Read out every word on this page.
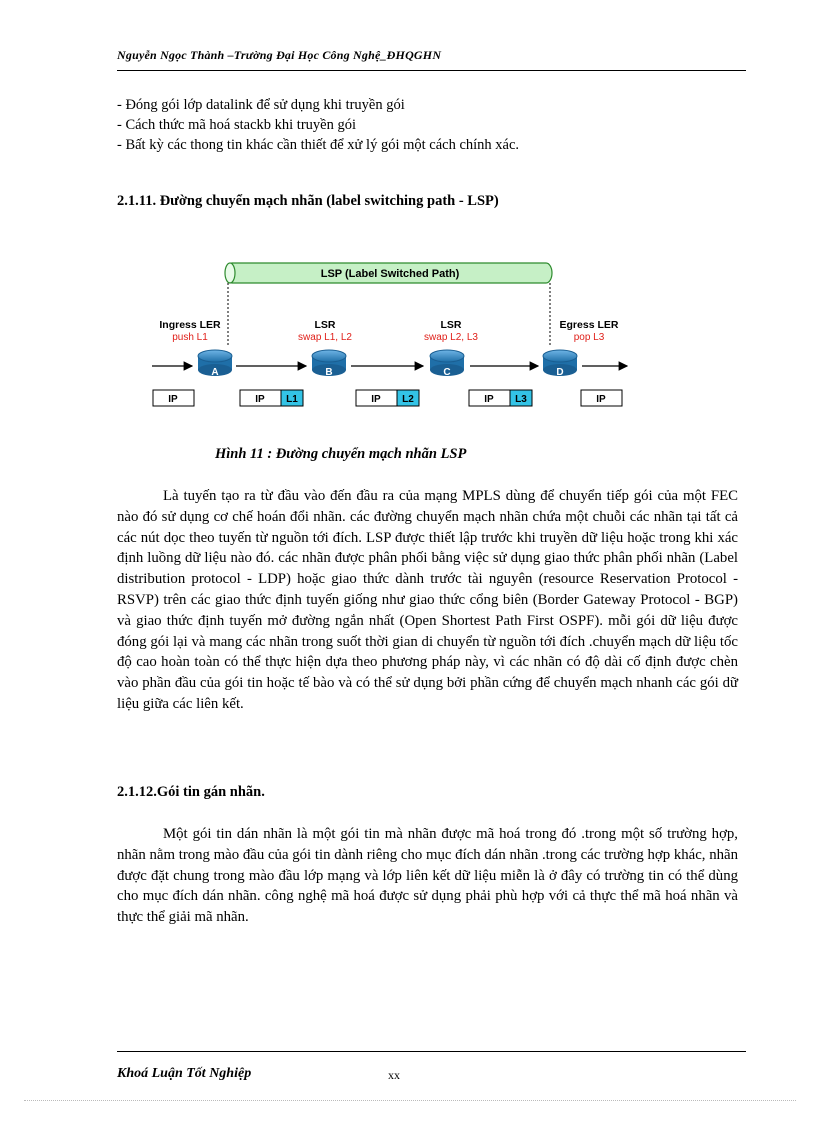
Nguyễn Ngọc Thành –Trường Đại Học Công Nghệ_ĐHQGHN
- Đóng gói lớp datalink để sử dụng khi truyền gói
- Cách thức mã hoá stackb khi truyền gói
- Bất kỳ các thong tin khác cần thiết để xử lý gói một cách chính xác.
2.1.11. Đường chuyển mạch nhãn (label switching path - LSP)
LSP (Label Switched Path)
Ingress LER
push L1
LSR
swap L1, L2
LSR
swap L2, L3
Egress LER
pop L3
A	B	C	D
IP	IP L1	IP L2	IP L3	IP

Hình 11 : Đường chuyển mạch nhãn LSP

Là tuyến tạo ra từ đầu vào đến đầu ra của mạng MPLS dùng để chuyển tiếp gói của một FEC nào đó sử dụng cơ chế hoán đổi nhãn. các đường chuyển mạch nhãn chứa một chuỗi các nhãn tại tất cả các nút dọc theo tuyến từ nguồn tới đích. LSP được thiết lập trước khi truyền dữ liệu hoặc trong khi xác định luồng dữ liệu nào đó. các nhãn được phân phối bằng việc sử dụng giao thức phân phối nhãn (Label distribution protocol - LDP) hoặc giao thức dành trước tài nguyên (resource Reservation Protocol - RSVP) trên các giao thức định tuyến giống như giao thức cổng biên (Border Gateway Protocol - BGP) và giao thức định tuyến mở đường ngắn nhất (Open Shortest Path First OSPF). mỗi gói dữ liệu được đóng gói lại và mang các nhãn trong suốt thời gian di chuyển từ nguồn tới đích .chuyển mạch dữ liệu tốc độ cao hoàn toàn có thể thực hiện dựa theo phương pháp này, vì các nhãn có độ dài cố định được chèn vào phần đầu của gói tin hoặc tế bào và có thể sử dụng bởi phần cứng để chuyển mạch nhanh các gói dữ liệu giữa các liên kết.

2.1.12.Gói tin gán nhãn.

Một gói tin dán nhãn là một gói tin mà nhãn được mã hoá trong đó .trong một số trường hợp, nhãn nằm trong mào đầu của gói tin dành riêng cho mục đích dán nhãn .trong các trường hợp khác, nhãn được đặt chung trong mào đầu lớp mạng và lớp liên kết dữ liệu miễn là ở đây có trường tin có thể dùng cho mục đích dán nhãn. công nghệ mã hoá được sử dụng phải phù hợp với cả thực thể mã hoá nhãn và thực thể giải mã nhãn.

Khoá Luận Tốt Nghiệp	xx
